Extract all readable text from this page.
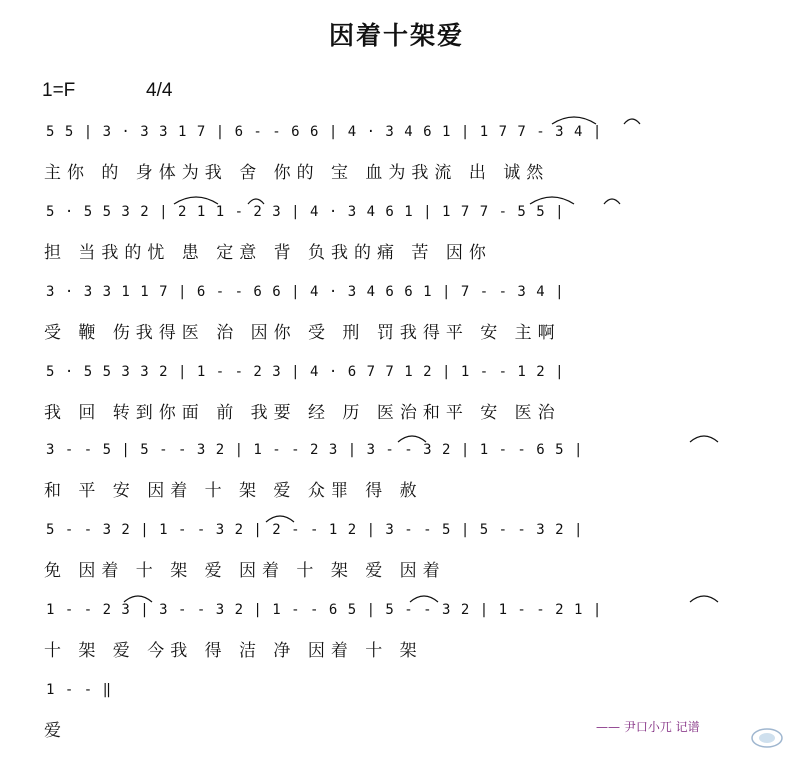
因着十架爱
1=F	4/4
5 5 | 3 · 3 3 1 7 | 6 - - 6 6 | 4 · 3 4 6 1 | 1 7 7 - 3 4 |
主你 的 身体为我 舍 你的 宝 血为我流 出 诚然
5 · 5 5 3 2 | 2 1 1 - 2 3 | 4 · 3 4 6 1 | 1 7 7 - 5 5 |
担 当我的忧 患 定意 背 负我的痛 苦 因你
3 · 3 3 1 1 7 | 6 - - 6 6 | 4 · 3 4 6 6 1 | 7 - - 3 4 |
受 鞭 伤我得医 治 因你 受 刑 罚我得平 安 主啊
5 · 5 5 3 3 2 | 1 - - 2 3 | 4 · 6 7 7 1 2 | 1 - - 1 2 |
我 回 转到你面 前 我要 经 历 医治和平 安 医治
3 - - 5 | 5 - - 3 2 | 1 - - 2 3 | 3 - - 3 2 | 1 - - 6 5 |
和 平 安 因着 十 架 爱 众罪 得 赦
5 - - 3 2 | 1 - - 3 2 | 2 - - 1 2 | 3 - - 5 | 5 - - 3 2 |
免 因着 十 架 爱 因着 十 架 爱 因着
1 - - 2 3 | 3 - - 3 2 | 1 - - 6 5 | 5 - - 3 2 | 1 - - 2 1 |
十 架 爱 今我 得 洁 净 因着 十 架
1 - - ‖
爱	—— 尹口小兀 记谱
